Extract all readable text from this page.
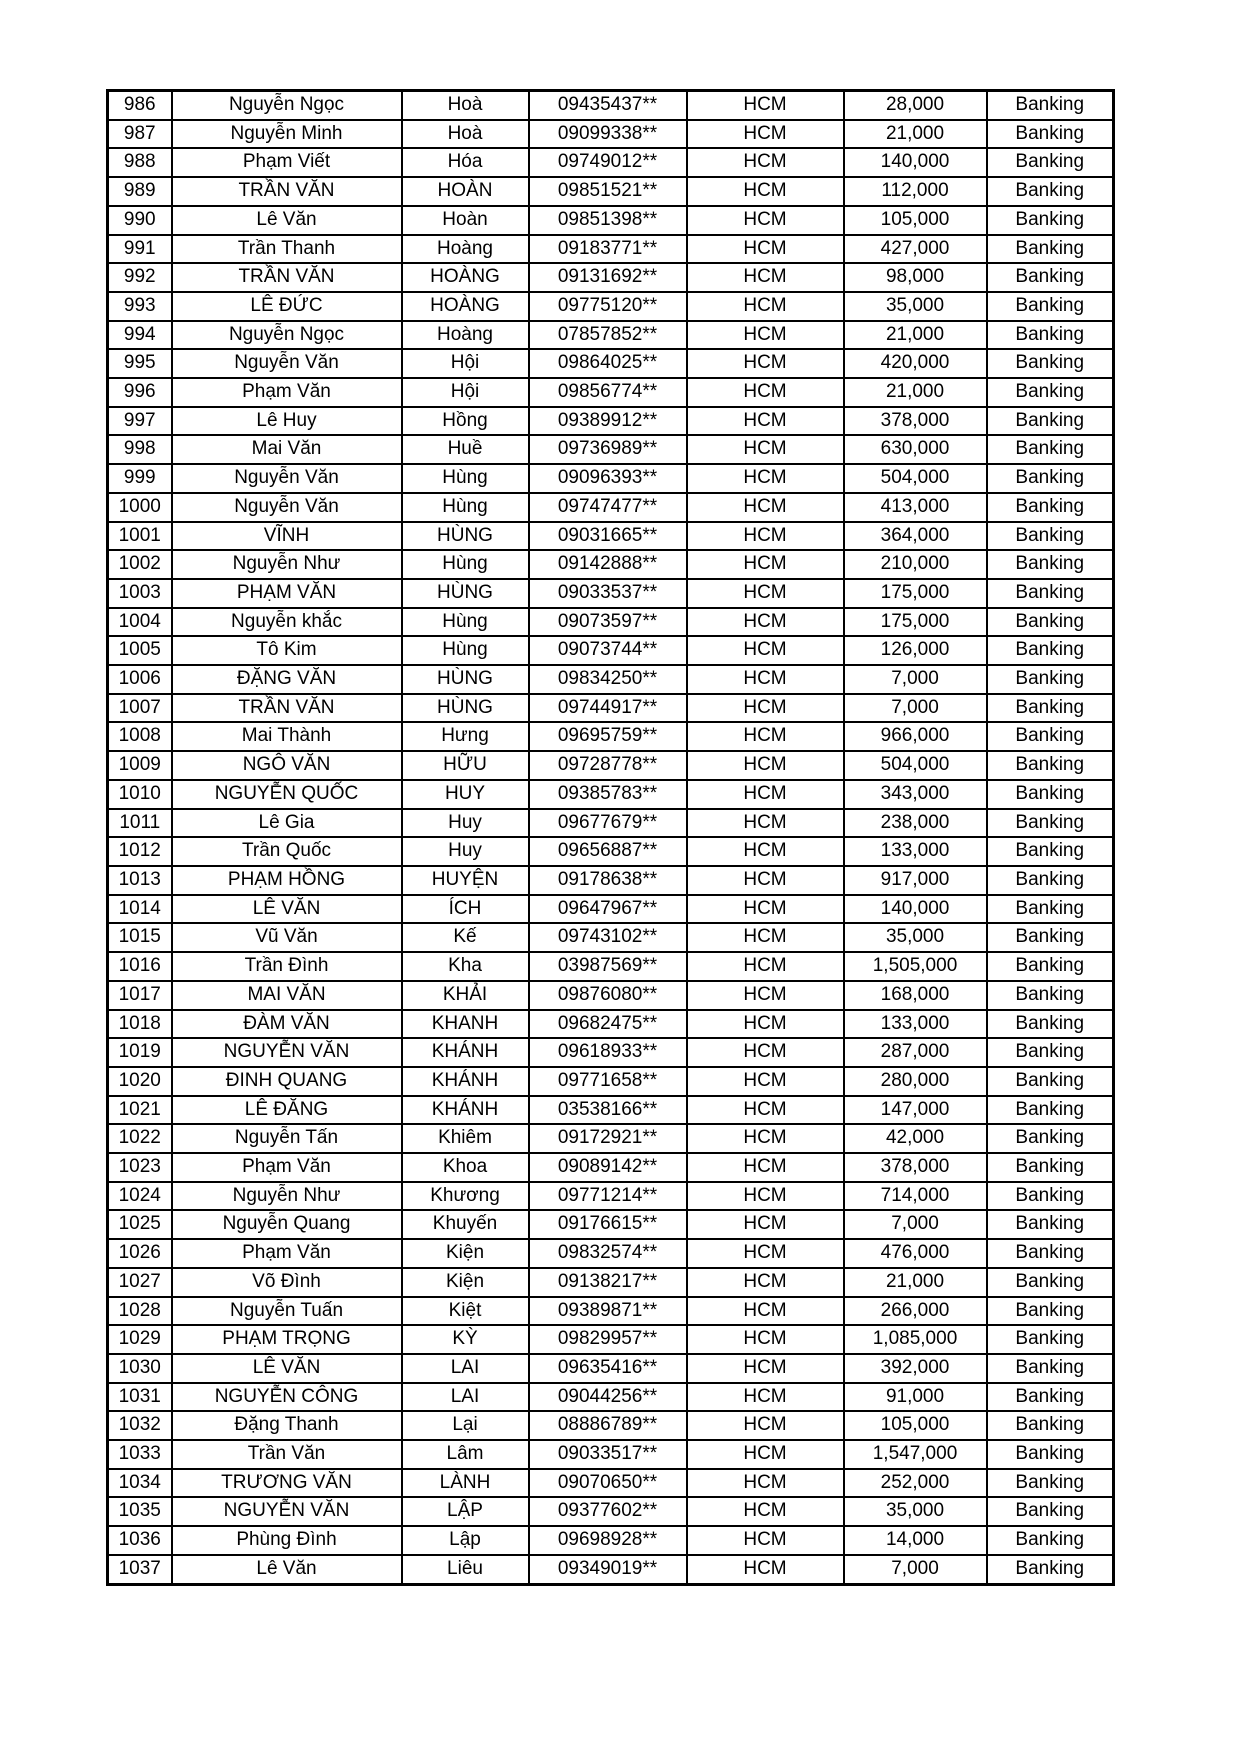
986	Nguyễn Ngọc	Hoà	09435437**	HCM	28,000	Banking
987	Nguyễn Minh	Hoà	09099338**	HCM	21,000	Banking
988	Phạm Viết	Hóa	09749012**	HCM	140,000	Banking
989	TRẦN VĂN	HOÀN	09851521**	HCM	112,000	Banking
990	Lê Văn	Hoàn	09851398**	HCM	105,000	Banking
991	Trần Thanh	Hoàng	09183771**	HCM	427,000	Banking
992	TRẦN VĂN	HOÀNG	09131692**	HCM	98,000	Banking
993	LÊ ĐỨC	HOÀNG	09775120**	HCM	35,000	Banking
994	Nguyễn Ngọc	Hoàng	07857852**	HCM	21,000	Banking
995	Nguyễn Văn	Hội	09864025**	HCM	420,000	Banking
996	Phạm Văn	Hội	09856774**	HCM	21,000	Banking
997	Lê Huy	Hồng	09389912**	HCM	378,000	Banking
998	Mai Văn	Huề	09736989**	HCM	630,000	Banking
999	Nguyễn Văn	Hùng	09096393**	HCM	504,000	Banking
1000	Nguyễn Văn	Hùng	09747477**	HCM	413,000	Banking
1001	VĨNH	HÙNG	09031665**	HCM	364,000	Banking
1002	Nguyễn Như	Hùng	09142888**	HCM	210,000	Banking
1003	PHẠM VĂN	HÙNG	09033537**	HCM	175,000	Banking
1004	Nguyễn khắc	Hùng	09073597**	HCM	175,000	Banking
1005	Tô Kim	Hùng	09073744**	HCM	126,000	Banking
1006	ĐẶNG VĂN	HÙNG	09834250**	HCM	7,000	Banking
1007	TRẦN VĂN	HÙNG	09744917**	HCM	7,000	Banking
1008	Mai Thành	Hưng	09695759**	HCM	966,000	Banking
1009	NGÔ VĂN	HỮU	09728778**	HCM	504,000	Banking
1010	NGUYỄN QUỐC	HUY	09385783**	HCM	343,000	Banking
1011	Lê Gia	Huy	09677679**	HCM	238,000	Banking
1012	Trần Quốc	Huy	09656887**	HCM	133,000	Banking
1013	PHẠM HỒNG	HUYỆN	09178638**	HCM	917,000	Banking
1014	LÊ VĂN	ÍCH	09647967**	HCM	140,000	Banking
1015	Vũ Văn	Kế	09743102**	HCM	35,000	Banking
1016	Trần Đình	Kha	03987569**	HCM	1,505,000	Banking
1017	MAI VĂN	KHẢI	09876080**	HCM	168,000	Banking
1018	ĐÀM VĂN	KHANH	09682475**	HCM	133,000	Banking
1019	NGUYỄN VĂN	KHÁNH	09618933**	HCM	287,000	Banking
1020	ĐINH QUANG	KHÁNH	09771658**	HCM	280,000	Banking
1021	LÊ ĐĂNG	KHÁNH	03538166**	HCM	147,000	Banking
1022	Nguyễn Tấn	Khiêm	09172921**	HCM	42,000	Banking
1023	Phạm Văn	Khoa	09089142**	HCM	378,000	Banking
1024	Nguyễn Như	Khương	09771214**	HCM	714,000	Banking
1025	Nguyễn Quang	Khuyến	09176615**	HCM	7,000	Banking
1026	Phạm Văn	Kiện	09832574**	HCM	476,000	Banking
1027	Võ Đình	Kiện	09138217**	HCM	21,000	Banking
1028	Nguyễn Tuấn	Kiệt	09389871**	HCM	266,000	Banking
1029	PHẠM TRỌNG	KỲ	09829957**	HCM	1,085,000	Banking
1030	LÊ VĂN	LAI	09635416**	HCM	392,000	Banking
1031	NGUYỄN CÔNG	LAI	09044256**	HCM	91,000	Banking
1032	Đặng Thanh	Lại	08886789**	HCM	105,000	Banking
1033	Trần Văn	Lâm	09033517**	HCM	1,547,000	Banking
1034	TRƯƠNG VĂN	LÀNH	09070650**	HCM	252,000	Banking
1035	NGUYỄN VĂN	LẬP	09377602**	HCM	35,000	Banking
1036	Phùng Đình	Lập	09698928**	HCM	14,000	Banking
1037	Lê Văn	Liêu	09349019**	HCM	7,000	Banking
